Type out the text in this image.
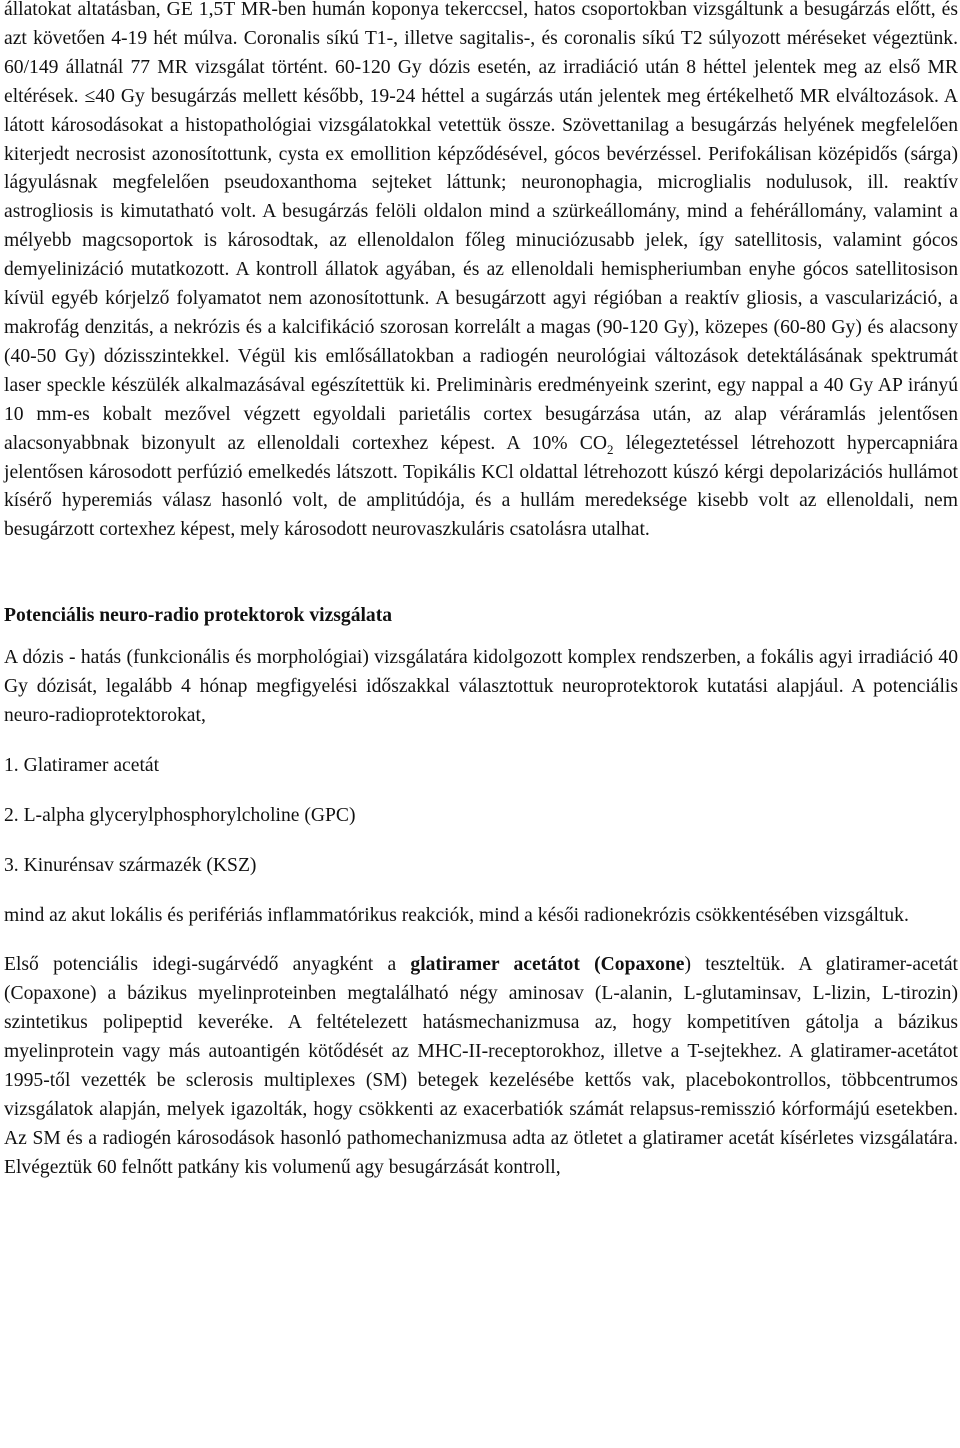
állatokat altatásban, GE 1,5T MR-ben humán koponya tekerccsel, hatos csoportokban vizsgáltunk a besugárzás előtt, és azt követően 4-19 hét múlva. Coronalis síkú T1-, illetve sagitalis-, és coronalis síkú T2 súlyozott méréseket végeztünk. 60/149 állatnál 77 MR vizsgálat történt. 60-120 Gy dózis esetén, az irradiáció után 8 héttel jelentek meg az első MR eltérések. ≤40 Gy besugárzás mellett később, 19-24 héttel a sugárzás után jelentek meg értékelhető MR elváltozások. A látott károsodásokat a histopathológiai vizsgálatokkal vetettük össze. Szövettanilag a besugárzás helyének megfelelően kiterjedt necrosist azonosítottunk, cysta ex emollition képződésével, gócos bevérzéssel. Perifokálisan középidős (sárga) lágyulásnak megfelelően pseudoxanthoma sejteket láttunk; neuronophagia, microglialis nodulusok, ill. reaktív astrogliosis is kimutatható volt. A besugárzás felöli oldalon mind a szürkeállomány, mind a fehérállomány, valamint a mélyebb magcsoportok is károsodtak, az ellenoldalon főleg minuciózusabb jelek, így satellitosis, valamint gócos demyelinizáció mutatkozott. A kontroll állatok agyában, és az ellenoldali hemispheriumban enyhe gócos satellitosison kívül egyéb kórjelző folyamatot nem azonosítottunk. A besugárzott agyi régióban a reaktív gliosis, a vascularizáció, a makrofág denzitás, a nekrózis és a kalcifikáció szorosan korrelált a magas (90-120 Gy), közepes (60-80 Gy) és alacsony (40-50 Gy) dózisszintekkel. Végül kis emlősállatokban a radiogén neurológiai változások detektálásának spektrumát laser speckle készülék alkalmazásával egészítettük ki. Preliminàris eredményeink szerint, egy nappal a 40 Gy AP irányú 10 mm-es kobalt mezővel végzett egyoldali parietális cortex besugárzása után, az alap véráramlás jelentősen alacsonyabbnak bizonyult az ellenoldali cortexhez képest. A 10% $CO_2$ lélegeztetéssel létrehozott hypercapniára jelentősen károsodott perfúzió emelkedés látszott. Topikális KCl oldattal létrehozott kúszó kérgi depolarizációs hullámot kísérő hyperemiás válasz hasonló volt, de amplitúdója, és a hullám meredeksége kisebb volt az ellenoldali, nem besugárzott cortexhez képest, mely károsodott neurovaszkuláris csatolásra utalhat.

Potenciális neuro-radio protektorok vizsgálata

A dózis - hatás (funkcionális és morphológiai) vizsgálatára kidolgozott komplex rendszerben, a fokális agyi irradiáció 40 Gy dózisát, legalább 4 hónap megfigyelési időszakkal választottuk neuroprotektorok kutatási alapjául. A potenciális neuro-radioprotektorokat,

1. Glatiramer acetát

2. L-alpha glycerylphosphorylcholine (GPC)

3. Kinurénsav származék (KSZ)

mind az akut lokális és perifériás inflammatórikus reakciók, mind a késői radionekrózis csökkentésében vizsgáltuk.

Első potenciális idegi-sugárvédő anyagként a glatiramer acetátot (Copaxone) teszteltük. A glatiramer-acetát (Copaxone) a bázikus myelinproteinben megtalálható négy aminosav (L-alanin, L-glutaminsav, L-lizin, L-tirozin) szintetikus polipeptid keveréke. A feltételezett hatásmechanizmusa az, hogy kompetitíven gátolja a bázikus myelinprotein vagy más autoantigén kötődését az MHC-II-receptorokhoz, illetve a T-sejtekhez. A glatiramer-acetátot 1995-től vezették be sclerosis multiplexes (SM) betegek kezelésébe kettős vak, placebokontrollos, többcentrumos vizsgálatok alapján, melyek igazolták, hogy csökkenti az exacerbatiók számát relapsus-remisszió kórformájú esetekben. Az SM és a radiogén károsodások hasonló pathomechanizmusa adta az ötletet a glatiramer acetát kísérletes vizsgálatára. Elvégeztük 60 felnőtt patkány kis volumenű agy besugárzását kontroll,
